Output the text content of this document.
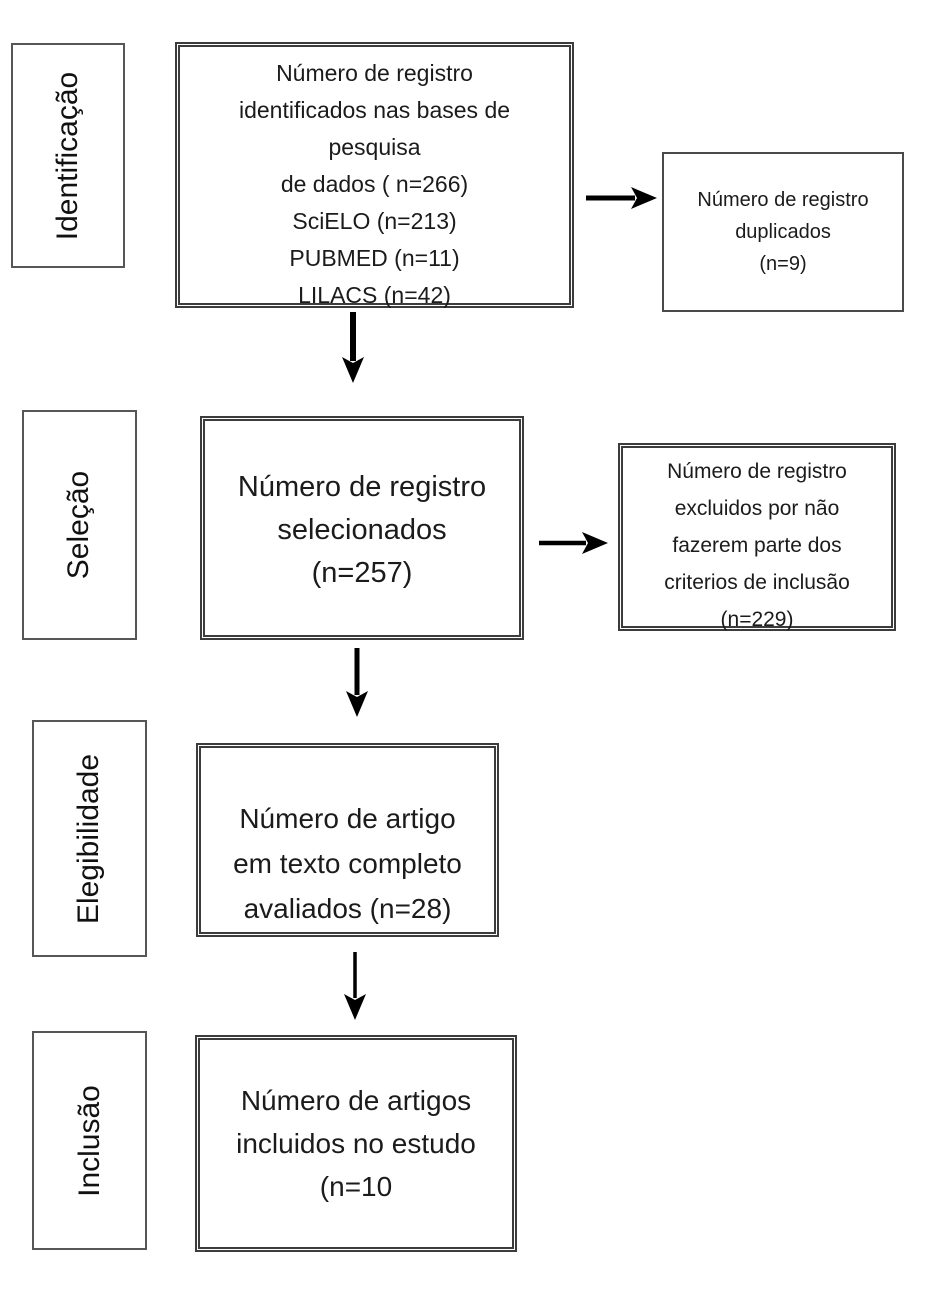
Identificação
Seleção
Elegibilidade
Inclusão
Número de registro
identificados nas bases de
pesquisa
de dados ( n=266)
SciELO (n=213)
PUBMED (n=11)
LILACS (n=42)
Número de registro
duplicados
(n=9)
Número de registro
selecionados
(n=257)
Número de registro
excluidos por não
fazerem parte dos
criterios de inclusão
(n=229)
Número de artigo
em texto completo
avaliados (n=28)
Número de artigos
incluidos no estudo
(n=10
